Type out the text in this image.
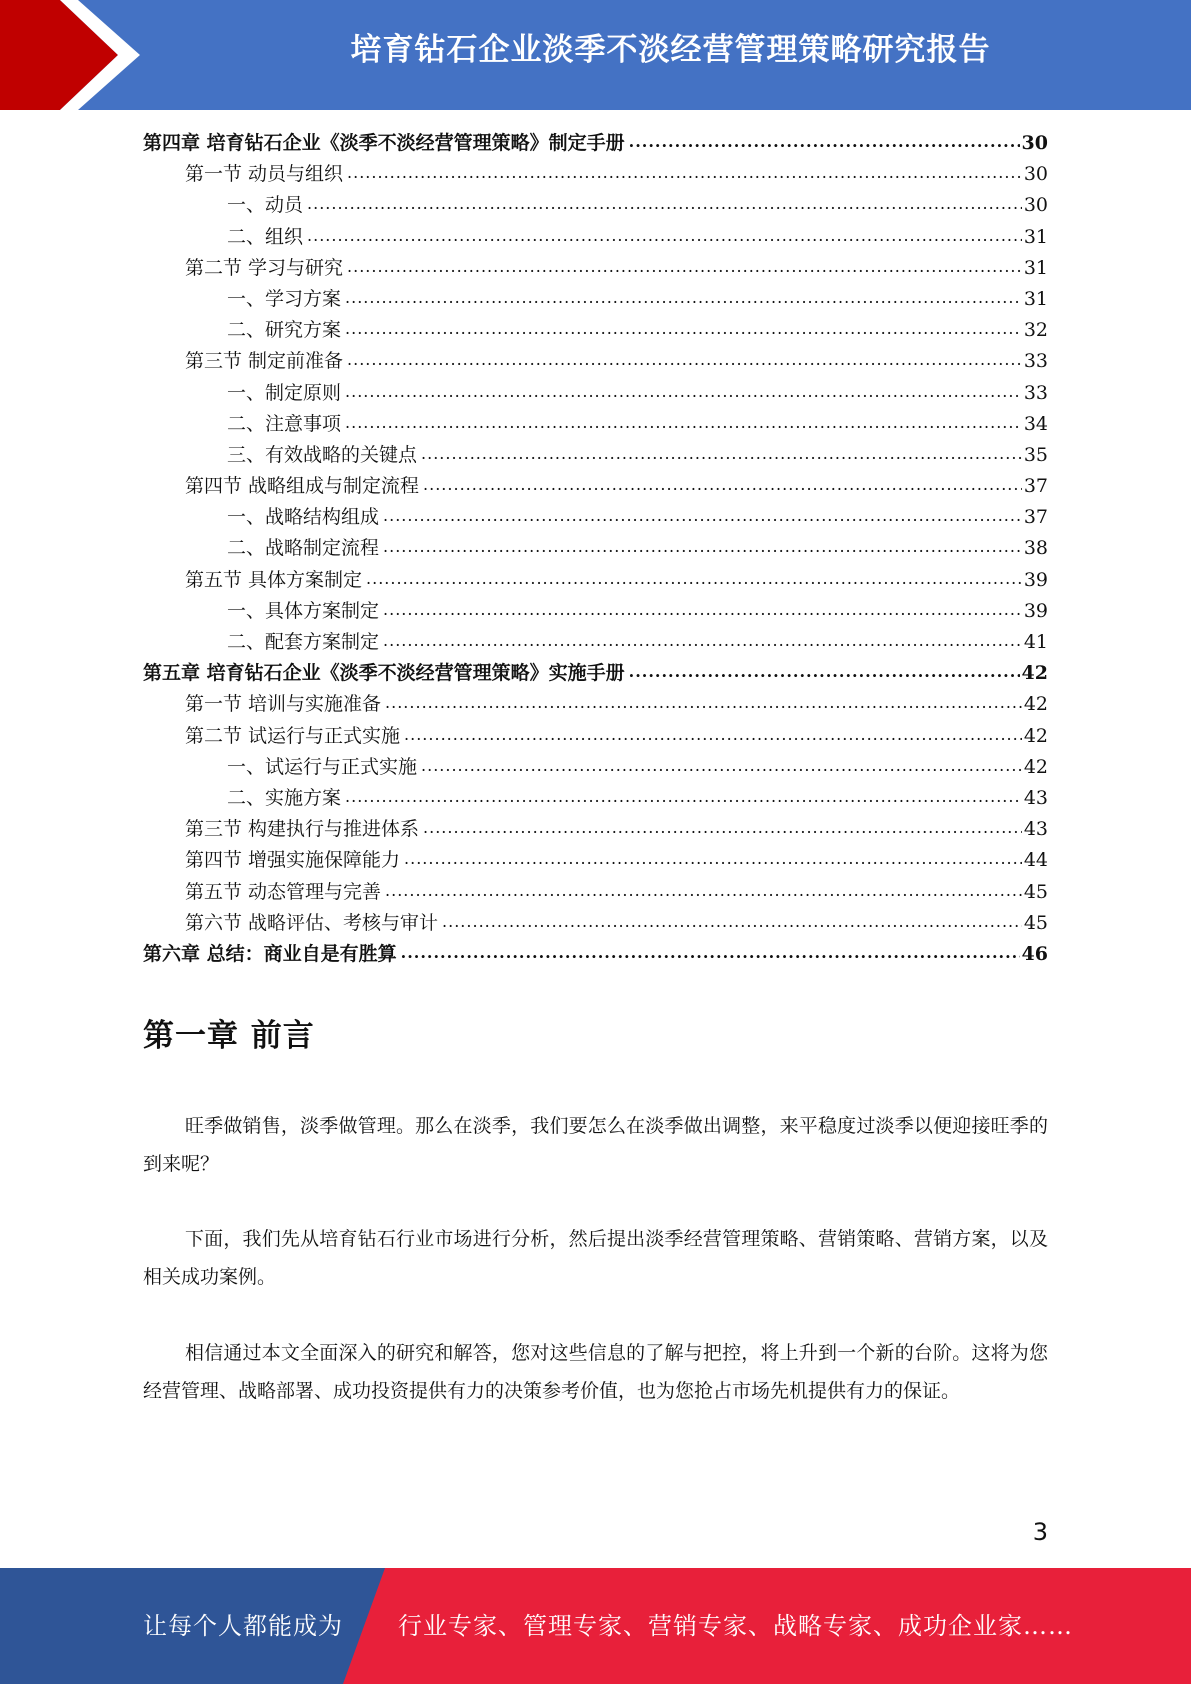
培育钻石企业淡季不淡经营管理策略研究报告
第四章 培育钻石企业《淡季不淡经营管理策略》制定手册 .....	30
第一节 动员与组织 .....	30
一、动员 .....	30
二、组织 .....	31
第二节 学习与研究 .....	31
一、学习方案 .....	31
二、研究方案 .....	32
第三节 制定前准备 .....	33
一、制定原则 .....	33
二、注意事项 .....	34
三、有效战略的关键点 .....	35
第四节 战略组成与制定流程 .....	37
一、战略结构组成 .....	37
二、战略制定流程 .....	38
第五节 具体方案制定 .....	39
一、具体方案制定 .....	39
二、配套方案制定 .....	41
第五章 培育钻石企业《淡季不淡经营管理策略》实施手册 .....	42
第一节 培训与实施准备 .....	42
第二节 试运行与正式实施 .....	42
一、试运行与正式实施 .....	42
二、实施方案 .....	43
第三节 构建执行与推进体系 .....	43
第四节 增强实施保障能力 .....	44
第五节 动态管理与完善 .....	45
第六节 战略评估、考核与审计 .....	45
第六章 总结：商业自是有胜算 .....	46
第一章 前言
旺季做销售，淡季做管理。那么在淡季，我们要怎么在淡季做出调整，来平稳度过淡季以便迎接旺季的到来呢？
下面，我们先从培育钻石行业市场进行分析，然后提出淡季经营管理策略、营销策略、营销方案，以及相关成功案例。
相信通过本文全面深入的研究和解答，您对这些信息的了解与把控，将上升到一个新的台阶。这将为您经营管理、战略部署、成功投资提供有力的决策参考价值，也为您抢占市场先机提供有力的保证。
3
让每个人都能成为 行业专家、管理专家、营销专家、战略专家、成功企业家……
